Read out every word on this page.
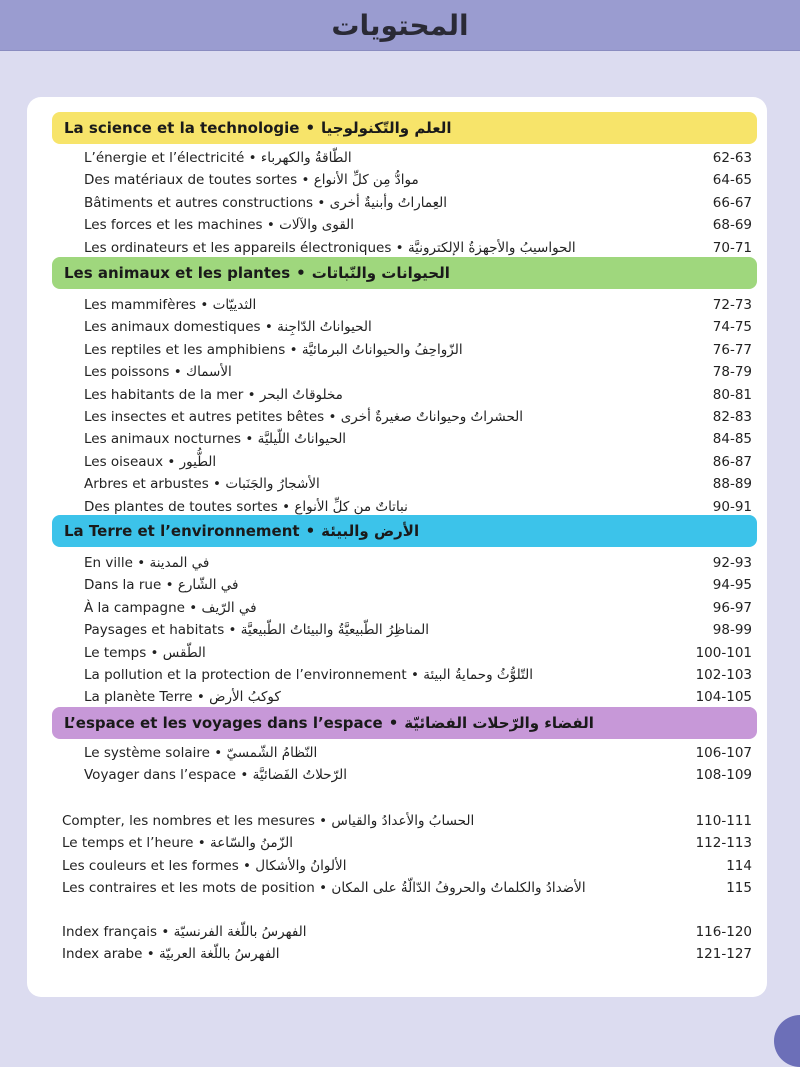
المحتويات
La science et la technologie • العلم والتّكنولوجيا
L’énergie et l’électricité • الطّاقةُ والكهرباء	62-63
Des matériaux de toutes sortes • موادُّ مِن كلِّ الأنواع	64-65
Bâtiments et autres constructions • العِماراتُ وأبنيةٌ أخرى	66-67
Les forces et les machines • القوى والآلات	68-69
Les ordinateurs et les appareils électroniques • الحواسيبُ والأجهزةُ الإلكترونيَّة	70-71
Les animaux et les plantes • الحيوانات والنّباتات
Les mammifères • الثدييّات	72-73
Les animaux domestiques • الحيواناتُ الدّاجِنة	74-75
Les reptiles et les amphibiens • الزّواحِفُ والحيواناتُ البرمائيَّة	76-77
Les poissons • الأسماك	78-79
Les habitants de la mer • مخلوقاتُ البحر	80-81
Les insectes et autres petites bêtes • الحشراتُ وحيواناتٌ صغيرةٌ أخرى	82-83
Les animaux nocturnes • الحيواناتُ اللّيليَّة	84-85
Les oiseaux • الطُّيور	86-87
Arbres et arbustes • الأشجارُ والجَنَبات	88-89
Des plantes de toutes sortes • نباتاتٌ من كلِّ الأنواع	90-91
La Terre et l’environnement • الأرض والبيئة
En ville • في المدينة	92-93
Dans la rue • في الشّارع	94-95
À la campagne • في الرّيف	96-97
Paysages et habitats • المناظِرُ الطّبيعيَّةُ والبيئاتُ الطّبيعيَّة	98-99
Le temps • الطّقس	100-101
La pollution et la protection de l’environnement • التّلوُّثُ وحمايةُ البيئة	102-103
La planète Terre • كوكبُ الأرض	104-105
L’espace et les voyages dans l’espace • الفضاء والرّحلات الفضائيّة
Le système solaire • النّظامُ الشّمسيّ	106-107
Voyager dans l’espace • الرّحلاتُ الفَضائيَّة	108-109
Compter, les nombres et les mesures • الحسابُ والأعدادُ والقياس	110-111
Le temps et l’heure • الزّمنُ والسّاعة	112-113
Les couleurs et les formes • الألوانُ والأشكال	114
Les contraires et les mots de position • الأضدادُ والكلماتُ والحروفُ الدّالّةُ على المكان	115
Index français • الفهرسُ باللّغة الفرنسيّة	116-120
Index arabe • الفهرسُ باللّغة العربيّة	121-127
